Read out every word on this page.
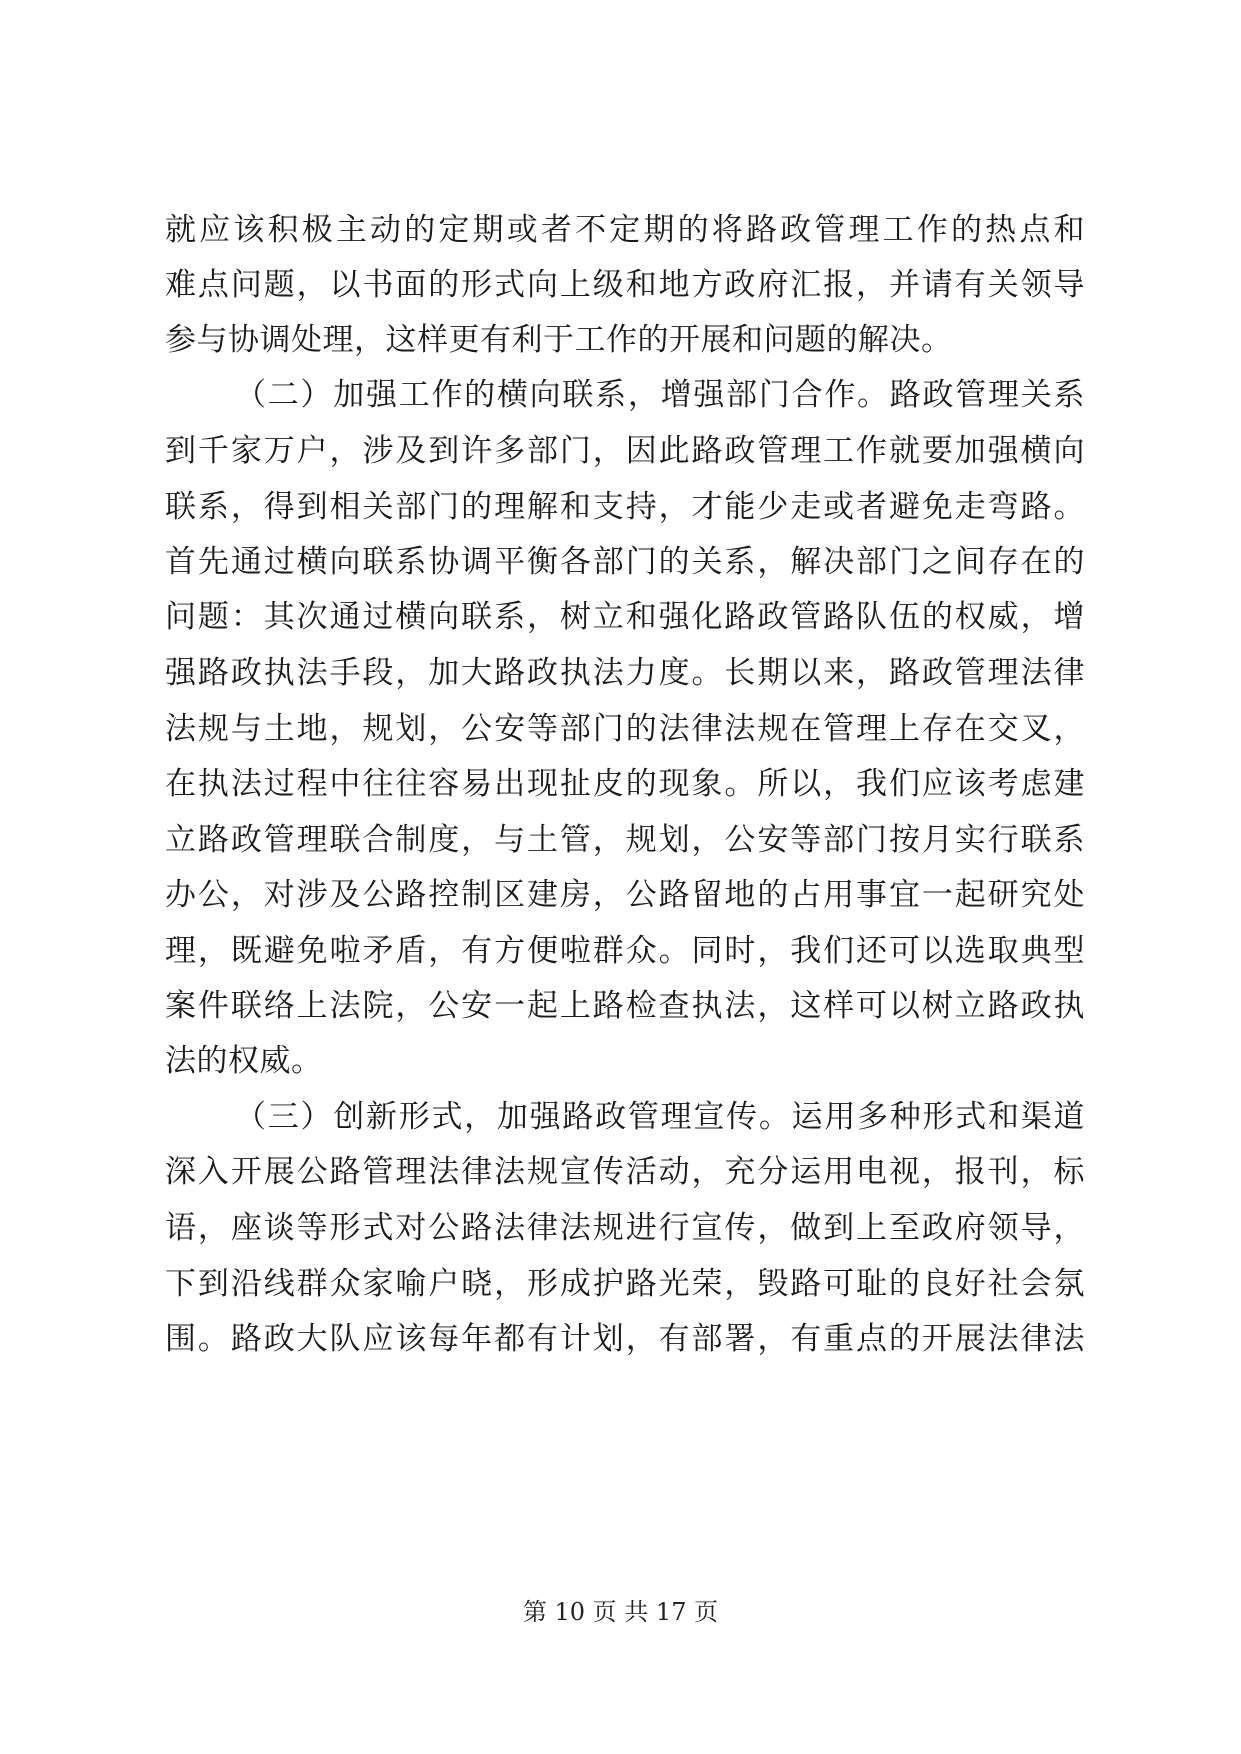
就应该积极主动的定期或者不定期的将路政管理工作的热点和
难点问题，以书面的形式向上级和地方政府汇报，并请有关领导
参与协调处理，这样更有利于工作的开展和问题的解决。
（二）加强工作的横向联系，增强部门合作。路政管理关系
到千家万户，涉及到许多部门，因此路政管理工作就要加强横向
联系，得到相关部门的理解和支持，才能少走或者避免走弯路。
首先通过横向联系协调平衡各部门的关系，解决部门之间存在的
问题：其次通过横向联系，树立和强化路政管路队伍的权威，增
强路政执法手段，加大路政执法力度。长期以来，路政管理法律
法规与土地，规划，公安等部门的法律法规在管理上存在交叉，
在执法过程中往往容易出现扯皮的现象。所以，我们应该考虑建
立路政管理联合制度，与土管，规划，公安等部门按月实行联系
办公，对涉及公路控制区建房，公路留地的占用事宜一起研究处
理，既避免啦矛盾，有方便啦群众。同时，我们还可以选取典型
案件联络上法院，公安一起上路检查执法，这样可以树立路政执
法的权威。
（三）创新形式，加强路政管理宣传。运用多种形式和渠道
深入开展公路管理法律法规宣传活动，充分运用电视，报刊，标
语，座谈等形式对公路法律法规进行宣传，做到上至政府领导，
下到沿线群众家喻户晓，形成护路光荣，毁路可耻的良好社会氛
围。路政大队应该每年都有计划，有部署，有重点的开展法律法
第 10 页 共 17 页
